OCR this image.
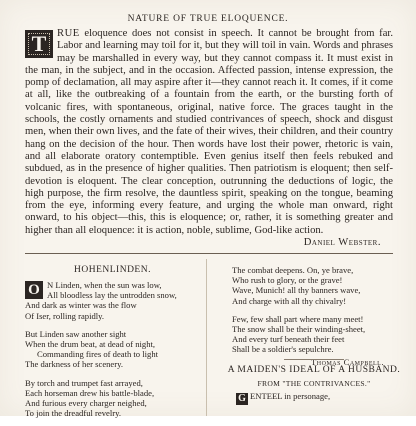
NATURE OF TRUE ELOQUENCE.
T	RUE eloquence does not consist in speech. It cannot be brought from far. Labor and learning may toil for it, but they will toil in vain. Words and phrases may be marshalled in every way, but they cannot compass it. It must exist in the man, in the subject, and in the occasion. Affected passion, intense expression, the pomp of declamation, all may aspire after it—they cannot reach it. It comes, if it come at all, like the outbreaking of a fountain from the earth, or the bursting forth of volcanic fires, with spontaneous, original, native force. The graces taught in the schools, the costly ornaments and studied contrivances of speech, shock and disgust men, when their own lives, and the fate of their wives, their children, and their country hang on the decision of the hour. Then words have lost their power, rhetoric is vain, and all elaborate oratory contemptible. Even genius itself then feels rebuked and subdued, as in the presence of higher qualities. Then patriotism is eloquent; then self-devotion is eloquent. The clear conception, outrunning the deductions of logic, the high purpose, the firm resolve, the dauntless spirit, speaking on the tongue, beaming from the eye, informing every feature, and urging the whole man onward, right onward, to his object—this, this is eloquence; or, rather, it is something greater and higher than all eloquence: it is action, noble, sublime, God-like action.
Daniel Webster.

HOHENLINDEN.
O N Linden, when the sun was low,
All bloodless lay the untrodden snow,
And dark as winter was the flow
Of Iser, rolling rapidly.
But Linden saw another sight
When the drum beat, at dead of night,
Commanding fires of death to light
The darkness of her scenery.
By torch and trumpet fast arrayed,
Each horseman drew his battle-blade,
And furious every charger neighed,
To join the dreadful revelry.
The combat deepens. On, ye brave,
Who rush to glory, or the grave!
Wave, Munich! all thy banners wave,
And charge with all thy chivalry!
Few, few shall part where many meet!
The snow shall be their winding-sheet,
And every turf beneath their feet
Shall be a soldier's sepulchre.
Thomas Campbell.
A MAIDEN'S IDEAL OF A HUSBAND.
FROM "THE CONTRIVANCES."
G ENTEEL in personage,
